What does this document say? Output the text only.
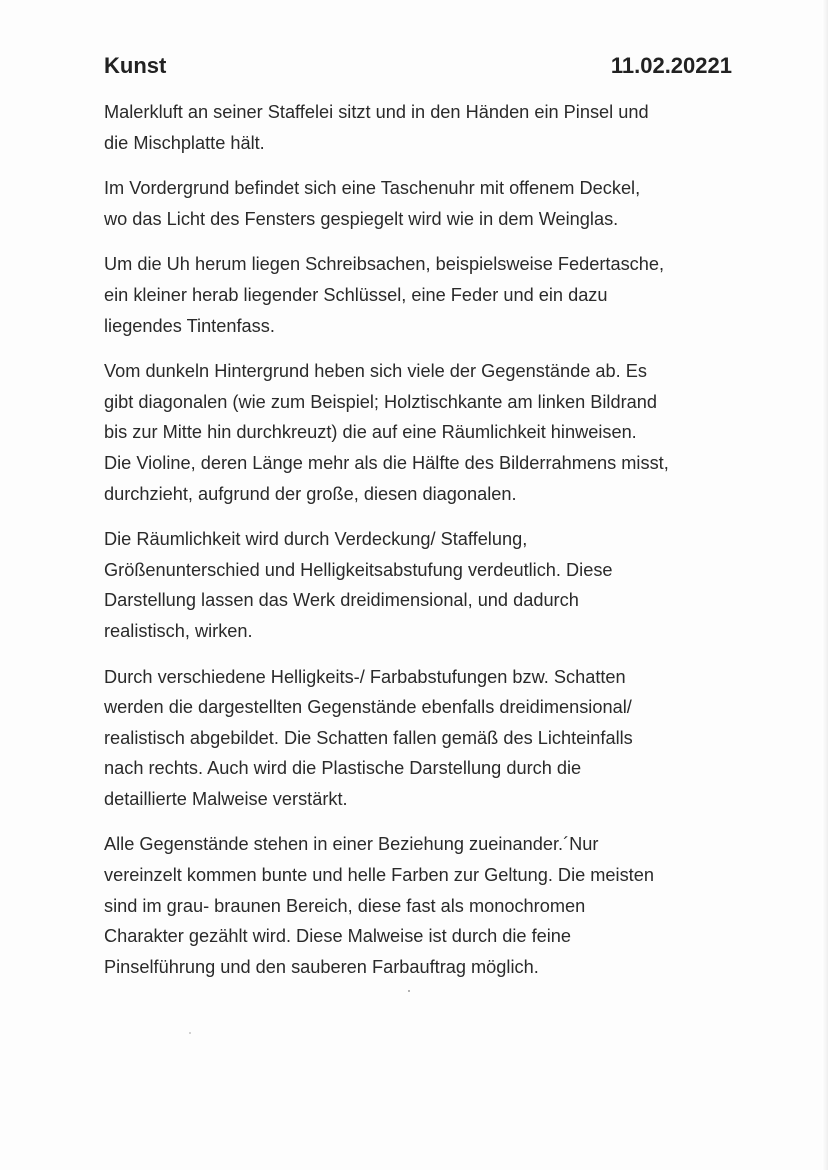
Kunst	11.02.20221

Malerkluft an seiner Staffelei sitzt und in den Händen ein Pinsel und
die Mischplatte hält.

Im Vordergrund befindet sich eine Taschenuhr mit offenem Deckel,
wo das Licht des Fensters gespiegelt wird wie in dem Weinglas.

Um die Uh herum liegen Schreibsachen, beispielsweise Federtasche,
ein kleiner herab liegender Schlüssel, eine Feder und ein dazu
liegendes Tintenfass.

Vom dunkeln Hintergrund heben sich viele der Gegenstände ab. Es
gibt diagonalen (wie zum Beispiel; Holztischkante am linken Bildrand
bis zur Mitte hin durchkreuzt) die auf eine Räumlichkeit hinweisen.
Die Violine, deren Länge mehr als die Hälfte des Bilderrahmens misst,
durchzieht, aufgrund der große, diesen diagonalen.

Die Räumlichkeit wird durch Verdeckung/ Staffelung,
Größenunterschied und Helligkeitsabstufung verdeutlich. Diese
Darstellung lassen das Werk dreidimensional, und dadurch
realistisch, wirken.

Durch verschiedene Helligkeits-/ Farbabstufungen bzw. Schatten
werden die dargestellten Gegenstände ebenfalls dreidimensional/
realistisch abgebildet. Die Schatten fallen gemäß des Lichteinfalls
nach rechts. Auch wird die Plastische Darstellung durch die
detaillierte Malweise verstärkt.

Alle Gegenstände stehen in einer Beziehung zueinander.´Nur
vereinzelt kommen bunte und helle Farben zur Geltung. Die meisten
sind im grau- braunen Bereich, diese fast als monochromen
Charakter gezählt wird. Diese Malweise ist durch die feine
Pinselführung und den sauberen Farbauftrag möglich.
